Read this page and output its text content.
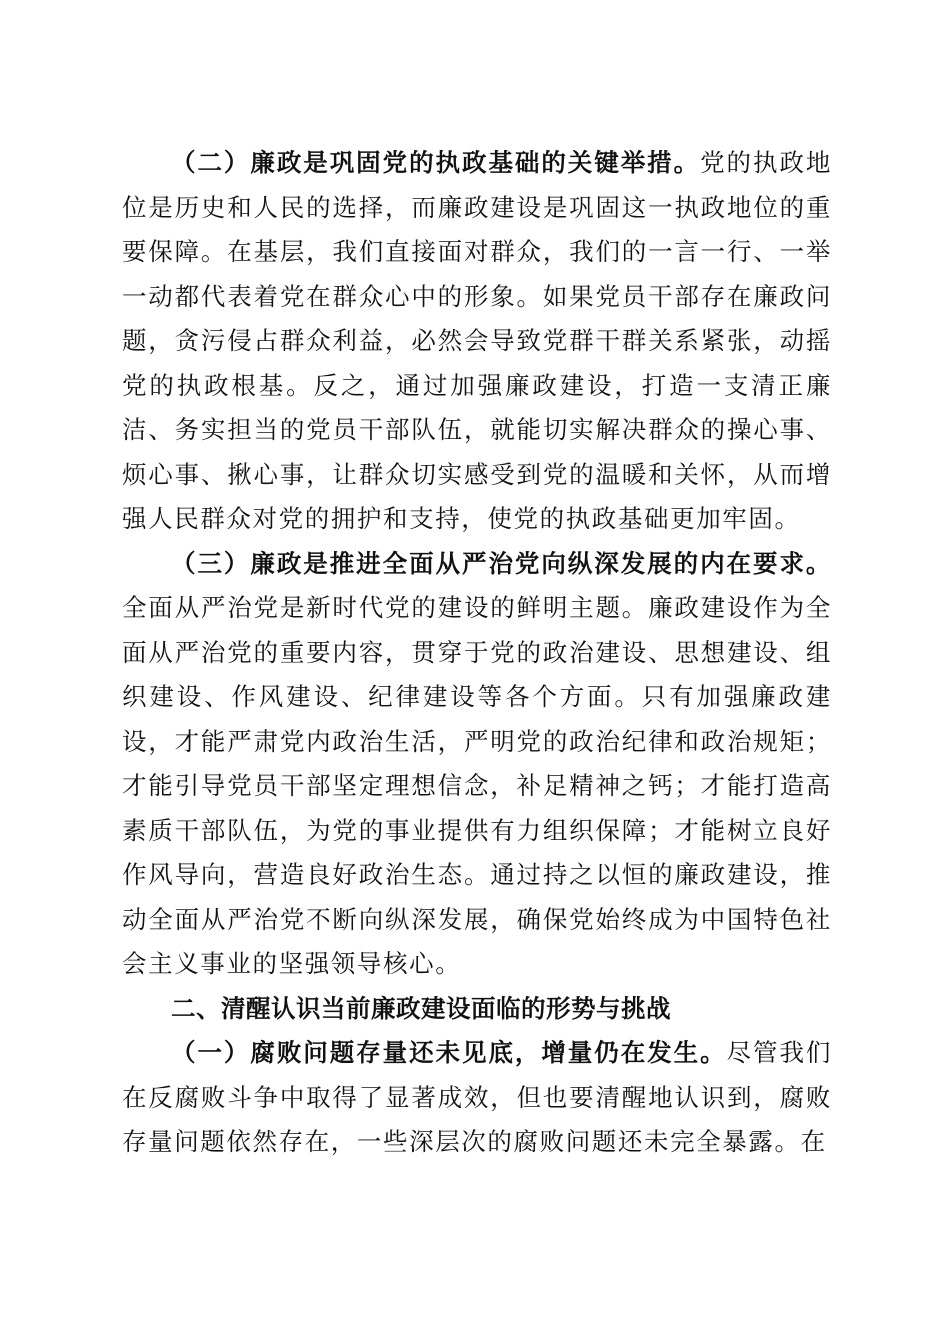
（二）廉政是巩固党的执政基础的关键举措。党的执政地位是历史和人民的选择，而廉政建设是巩固这一执政地位的重要保障。在基层，我们直接面对群众，我们的一言一行、一举一动都代表着党在群众心中的形象。如果党员干部存在廉政问题，贪污侵占群众利益，必然会导致党群干群关系紧张，动摇党的执政根基。反之，通过加强廉政建设，打造一支清正廉洁、务实担当的党员干部队伍，就能切实解决群众的操心事、烦心事、揪心事，让群众切实感受到党的温暖和关怀，从而增强人民群众对党的拥护和支持，使党的执政基础更加牢固。

（三）廉政是推进全面从严治党向纵深发展的内在要求。全面从严治党是新时代党的建设的鲜明主题。廉政建设作为全面从严治党的重要内容，贯穿于党的政治建设、思想建设、组织建设、作风建设、纪律建设等各个方面。只有加强廉政建设，才能严肃党内政治生活，严明党的政治纪律和政治规矩；才能引导党员干部坚定理想信念，补足精神之钙；才能打造高素质干部队伍，为党的事业提供有力组织保障；才能树立良好作风导向，营造良好政治生态。通过持之以恒的廉政建设，推动全面从严治党不断向纵深发展，确保党始终成为中国特色社会主义事业的坚强领导核心。

二、清醒认识当前廉政建设面临的形势与挑战

（一）腐败问题存量还未见底，增量仍在发生。尽管我们在反腐败斗争中取得了显著成效，但也要清醒地认识到，腐败存量问题依然存在，一些深层次的腐败问题还未完全暴露。在
